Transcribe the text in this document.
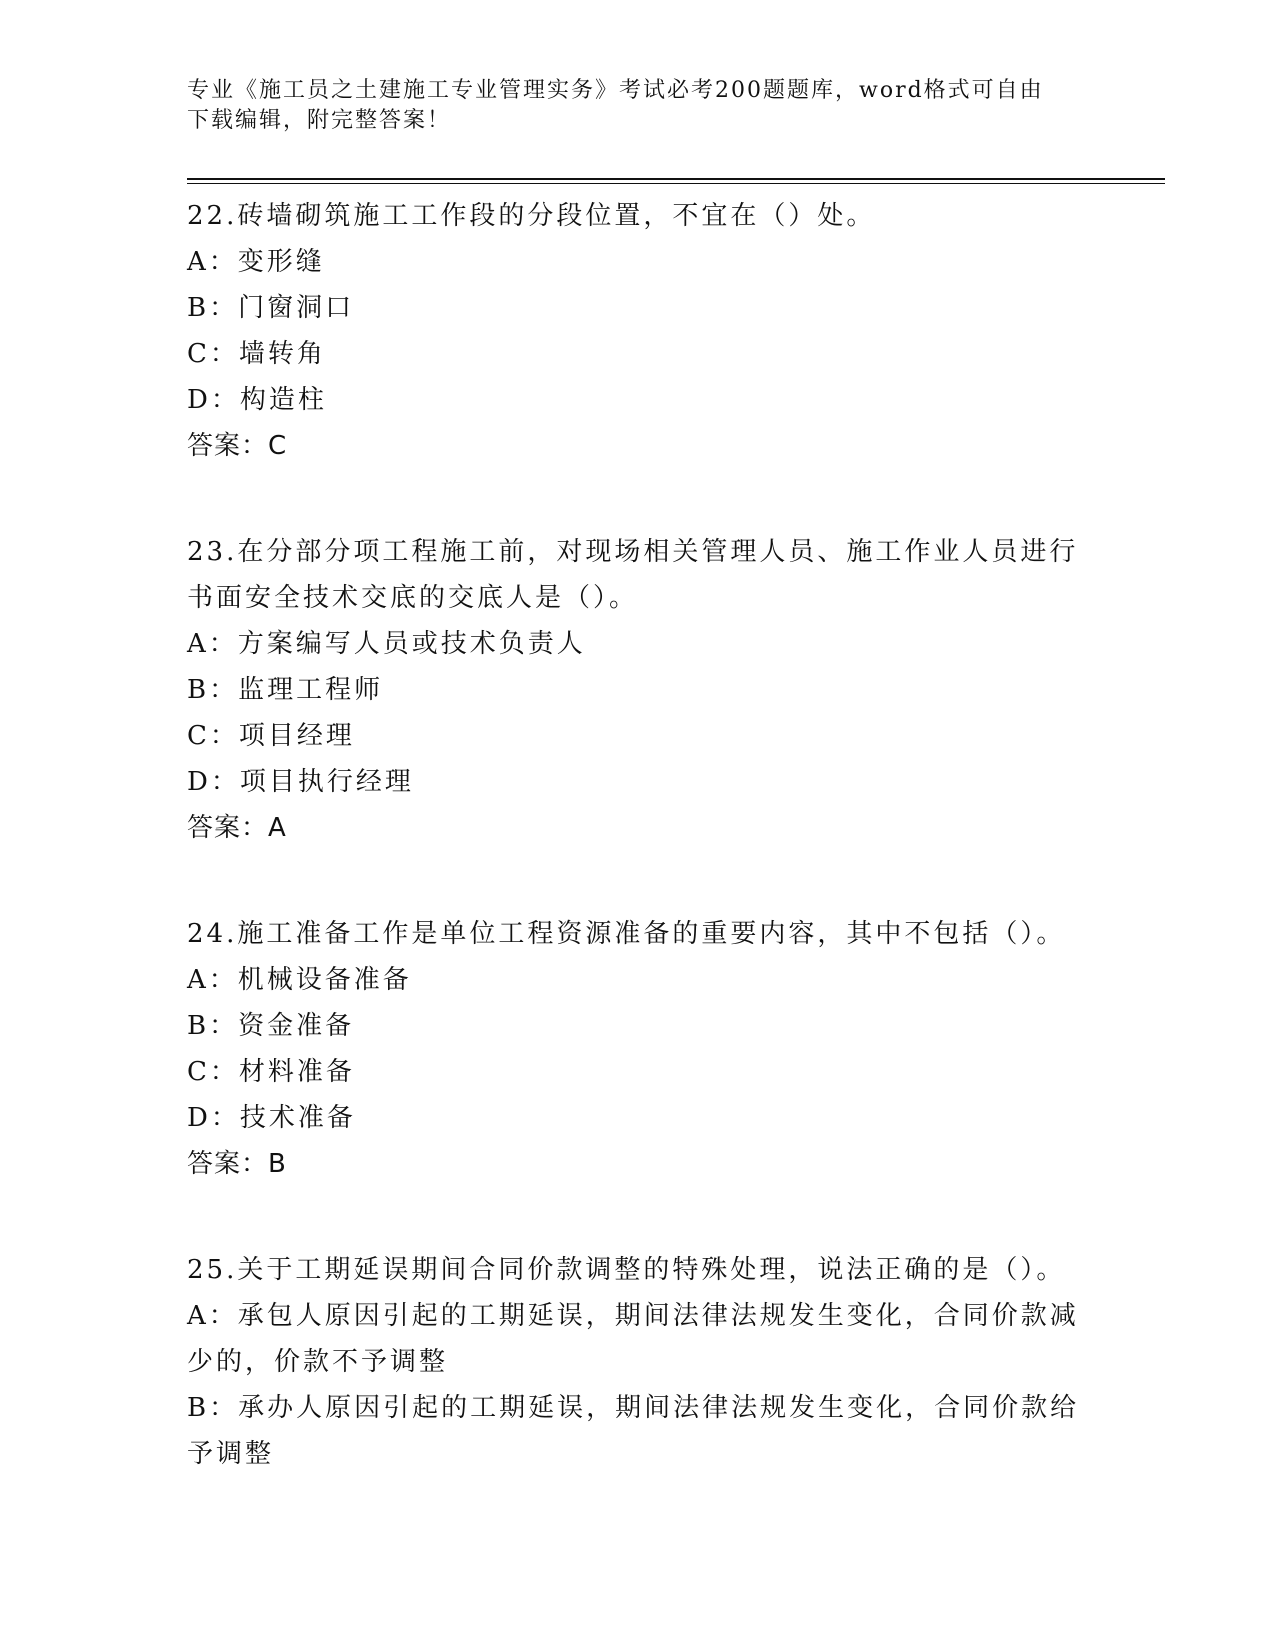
专业《施工员之土建施工专业管理实务》考试必考200题题库，word格式可自由下载编辑，附完整答案！
22.砖墙砌筑施工工作段的分段位置，不宜在（）处。
A：变形缝
B：门窗洞口
C：墙转角
D：构造柱
答案：C
23.在分部分项工程施工前，对现场相关管理人员、施工作业人员进行书面安全技术交底的交底人是（）。
A：方案编写人员或技术负责人
B：监理工程师
C：项目经理
D：项目执行经理
答案：A
24.施工准备工作是单位工程资源准备的重要内容，其中不包括（）。
A：机械设备准备
B：资金准备
C：材料准备
D：技术准备
答案：B
25.关于工期延误期间合同价款调整的特殊处理，说法正确的是（）。
A：承包人原因引起的工期延误，期间法律法规发生变化，合同价款减少的，价款不予调整
B：承办人原因引起的工期延误，期间法律法规发生变化，合同价款给予调整
